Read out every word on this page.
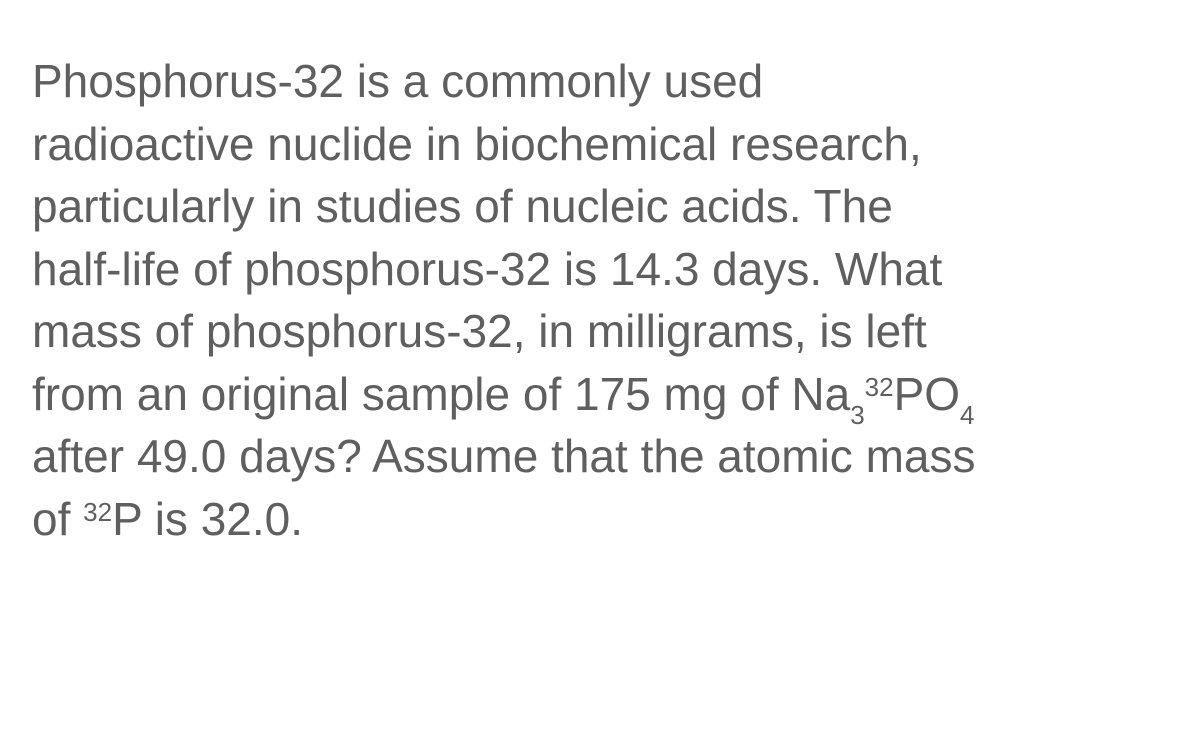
Phosphorus-32 is a commonly used
radioactive nuclide in biochemical research,
particularly in studies of nucleic acids. The
half-life of phosphorus-32 is 14.3 days. What
mass of phosphorus-32, in milligrams, is left
from an original sample of 175 mg of $Na_3^{32}PO_4$
after 49.0 days? Assume that the atomic mass
of $^{32}$P is 32.0.
